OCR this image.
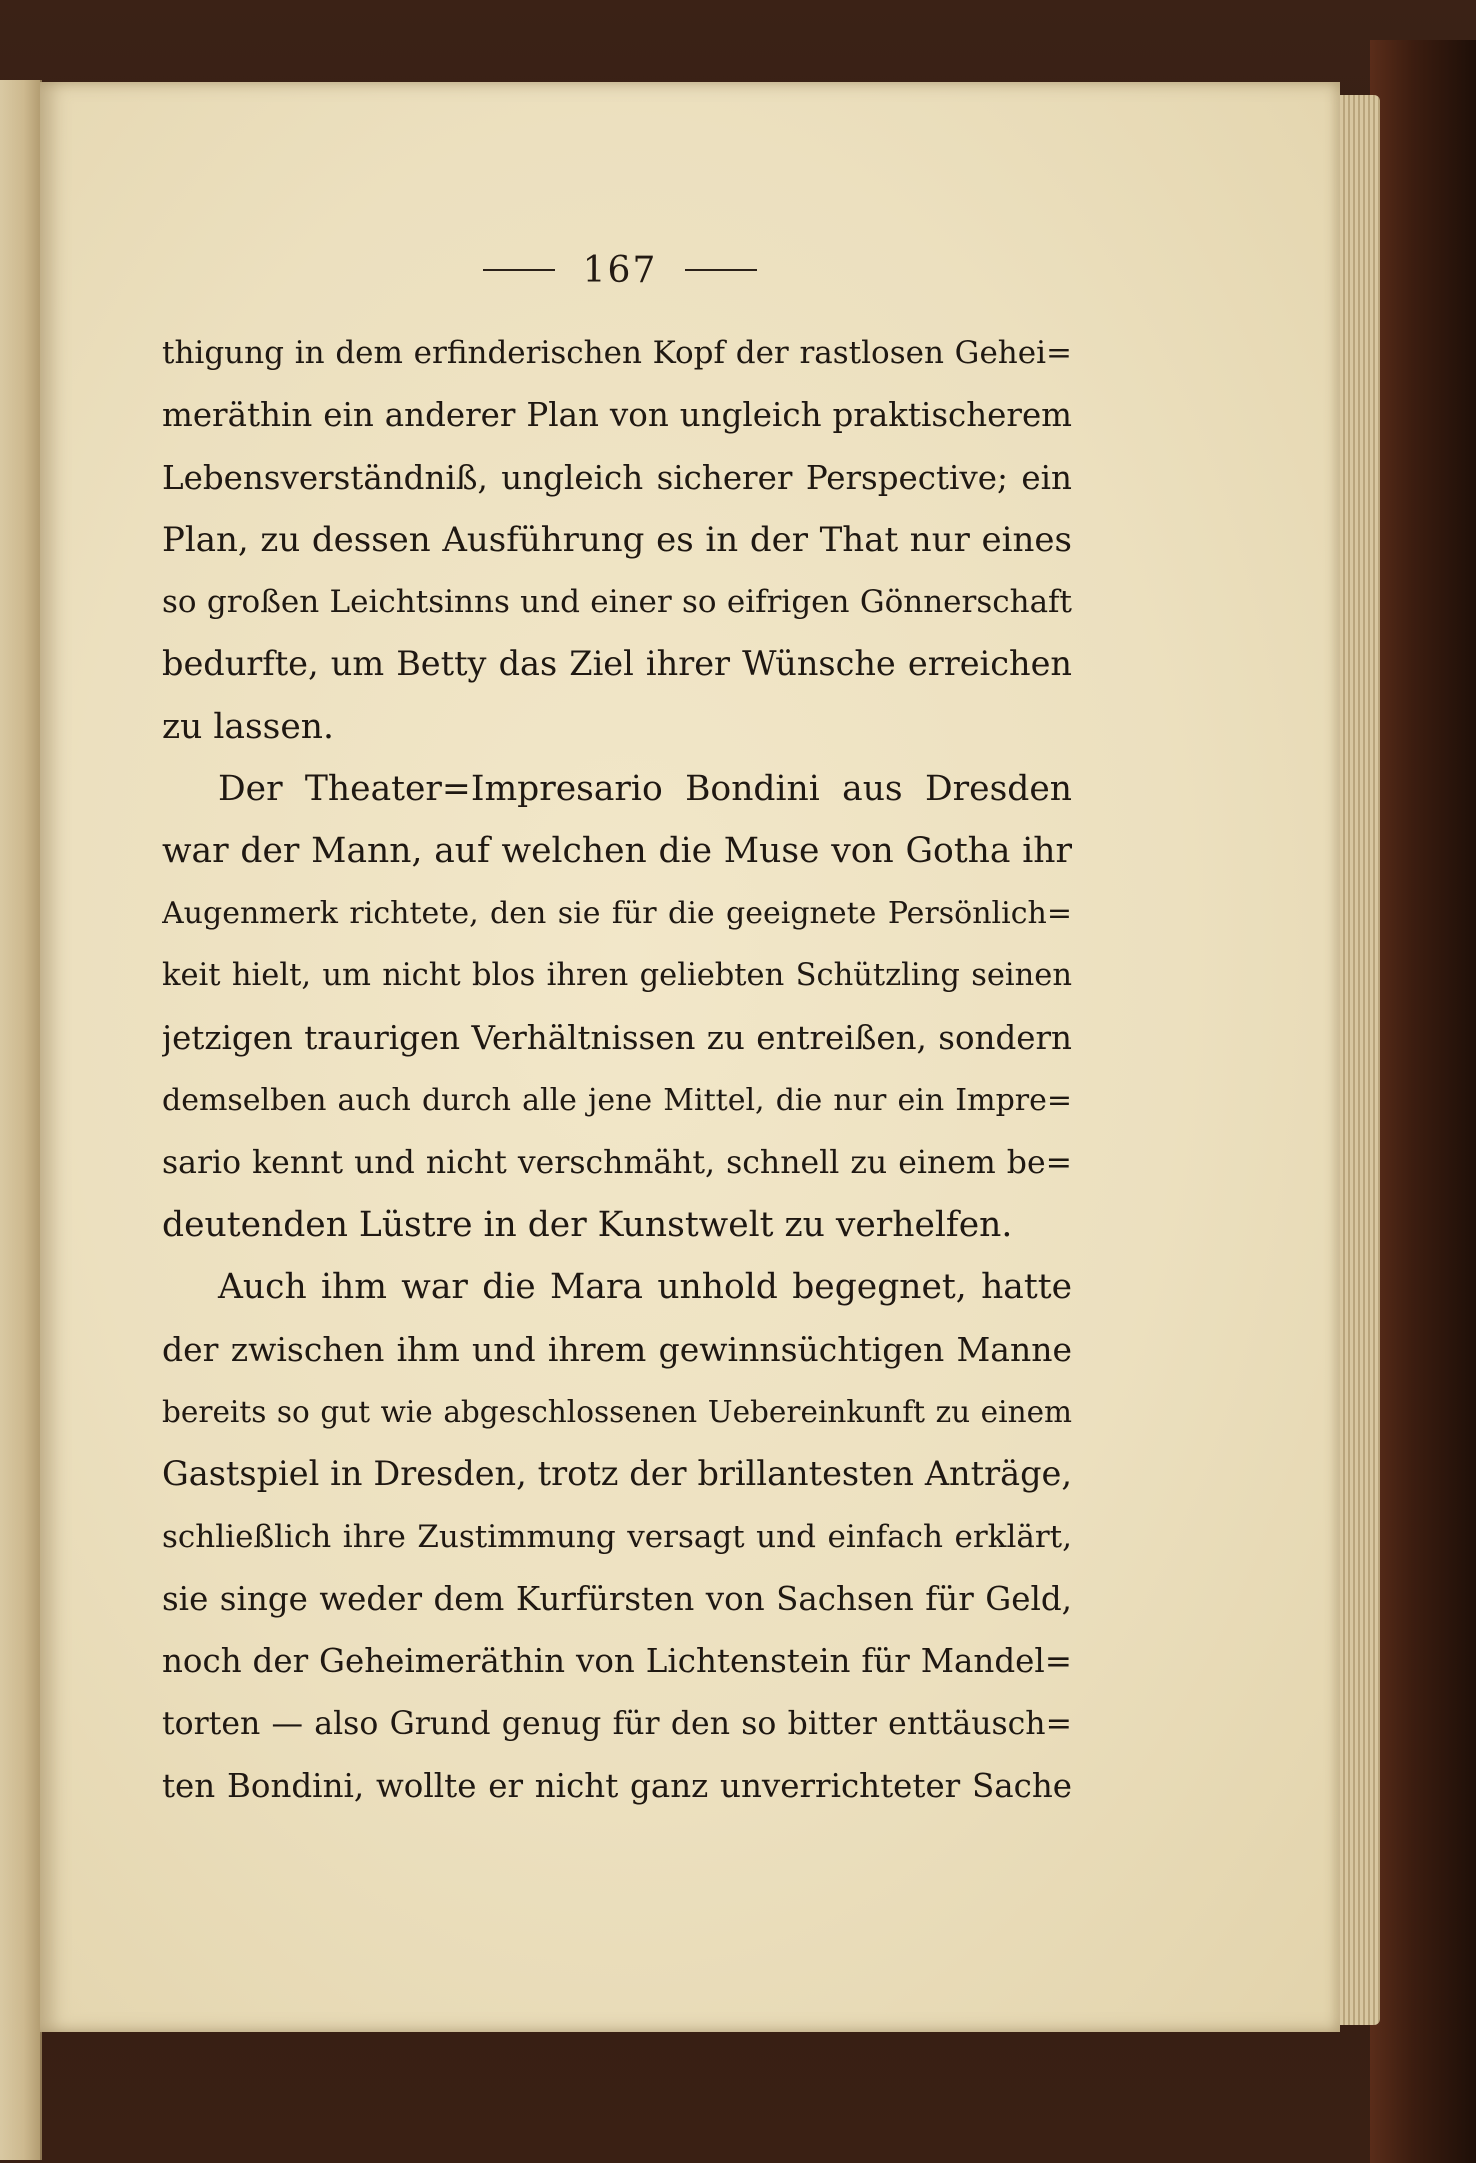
167
thigung in dem erfinderischen Kopf der rastlosen Gehei=
meräthin ein anderer Plan von ungleich praktischerem
Lebensverständniß, ungleich sicherer Perspective; ein
Plan, zu dessen Ausführung es in der That nur eines
so großen Leichtsinns und einer so eifrigen Gönnerschaft
bedurfte, um Betty das Ziel ihrer Wünsche erreichen
zu lassen.
Der Theater=Impresario Bondini aus Dresden
war der Mann, auf welchen die Muse von Gotha ihr
Augenmerk richtete, den sie für die geeignete Persönlich=
keit hielt, um nicht blos ihren geliebten Schützling seinen
jetzigen traurigen Verhältnissen zu entreißen, sondern
demselben auch durch alle jene Mittel, die nur ein Impre=
sario kennt und nicht verschmäht, schnell zu einem be=
deutenden Lüstre in der Kunstwelt zu verhelfen.
Auch ihm war die Mara unhold begegnet, hatte
der zwischen ihm und ihrem gewinnsüchtigen Manne
bereits so gut wie abgeschlossenen Uebereinkunft zu einem
Gastspiel in Dresden, trotz der brillantesten Anträge,
schließlich ihre Zustimmung versagt und einfach erklärt,
sie singe weder dem Kurfürsten von Sachsen für Geld,
noch der Geheimeräthin von Lichtenstein für Mandel=
torten — also Grund genug für den so bitter enttäusch=
ten Bondini, wollte er nicht ganz unverrichteter Sache
